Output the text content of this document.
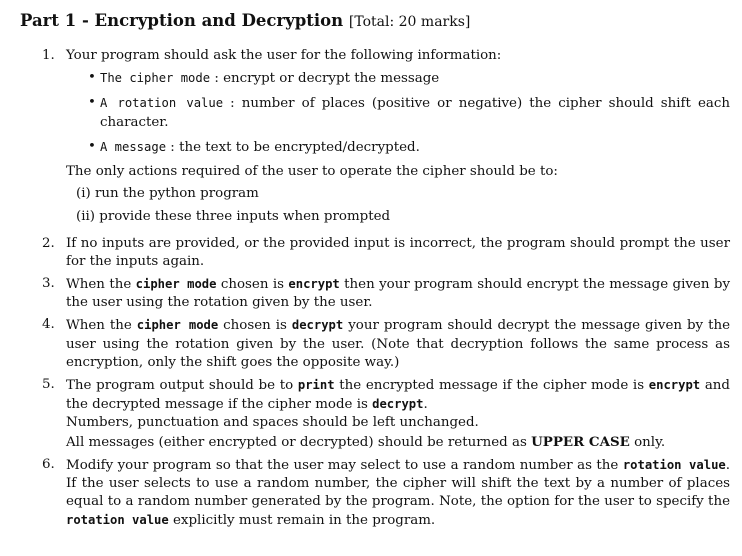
Part 1 - Encryption and Decryption [Total: 20 marks]
1. Your program should ask the user for the following information:
• The cipher mode : encrypt or decrypt the message
• A rotation value : number of places (positive or negative) the cipher should shift each character.
• A message : the text to be encrypted/decrypted.
The only actions required of the user to operate the cipher should be to:
(i) run the python program
(ii) provide these three inputs when prompted
2. If no inputs are provided, or the provided input is incorrect, the program should prompt the user for the inputs again.
3. When the cipher mode chosen is encrypt then your program should encrypt the message given by the user using the rotation given by the user.
4. When the cipher mode chosen is decrypt your program should decrypt the message given by the user using the rotation given by the user. (Note that decryption follows the same process as encryption, only the shift goes the opposite way.)
5. The program output should be to print the encrypted message if the cipher mode is encrypt and the decrypted message if the cipher mode is decrypt.
Numbers, punctuation and spaces should be left unchanged.
All messages (either encrypted or decrypted) should be returned as UPPER CASE only.
6. Modify your program so that the user may select to use a random number as the rotation value. If the user selects to use a random number, the cipher will shift the text by a number of places equal to a random number generated by the program. Note, the option for the user to specify the rotation value explicitly must remain in the program.
